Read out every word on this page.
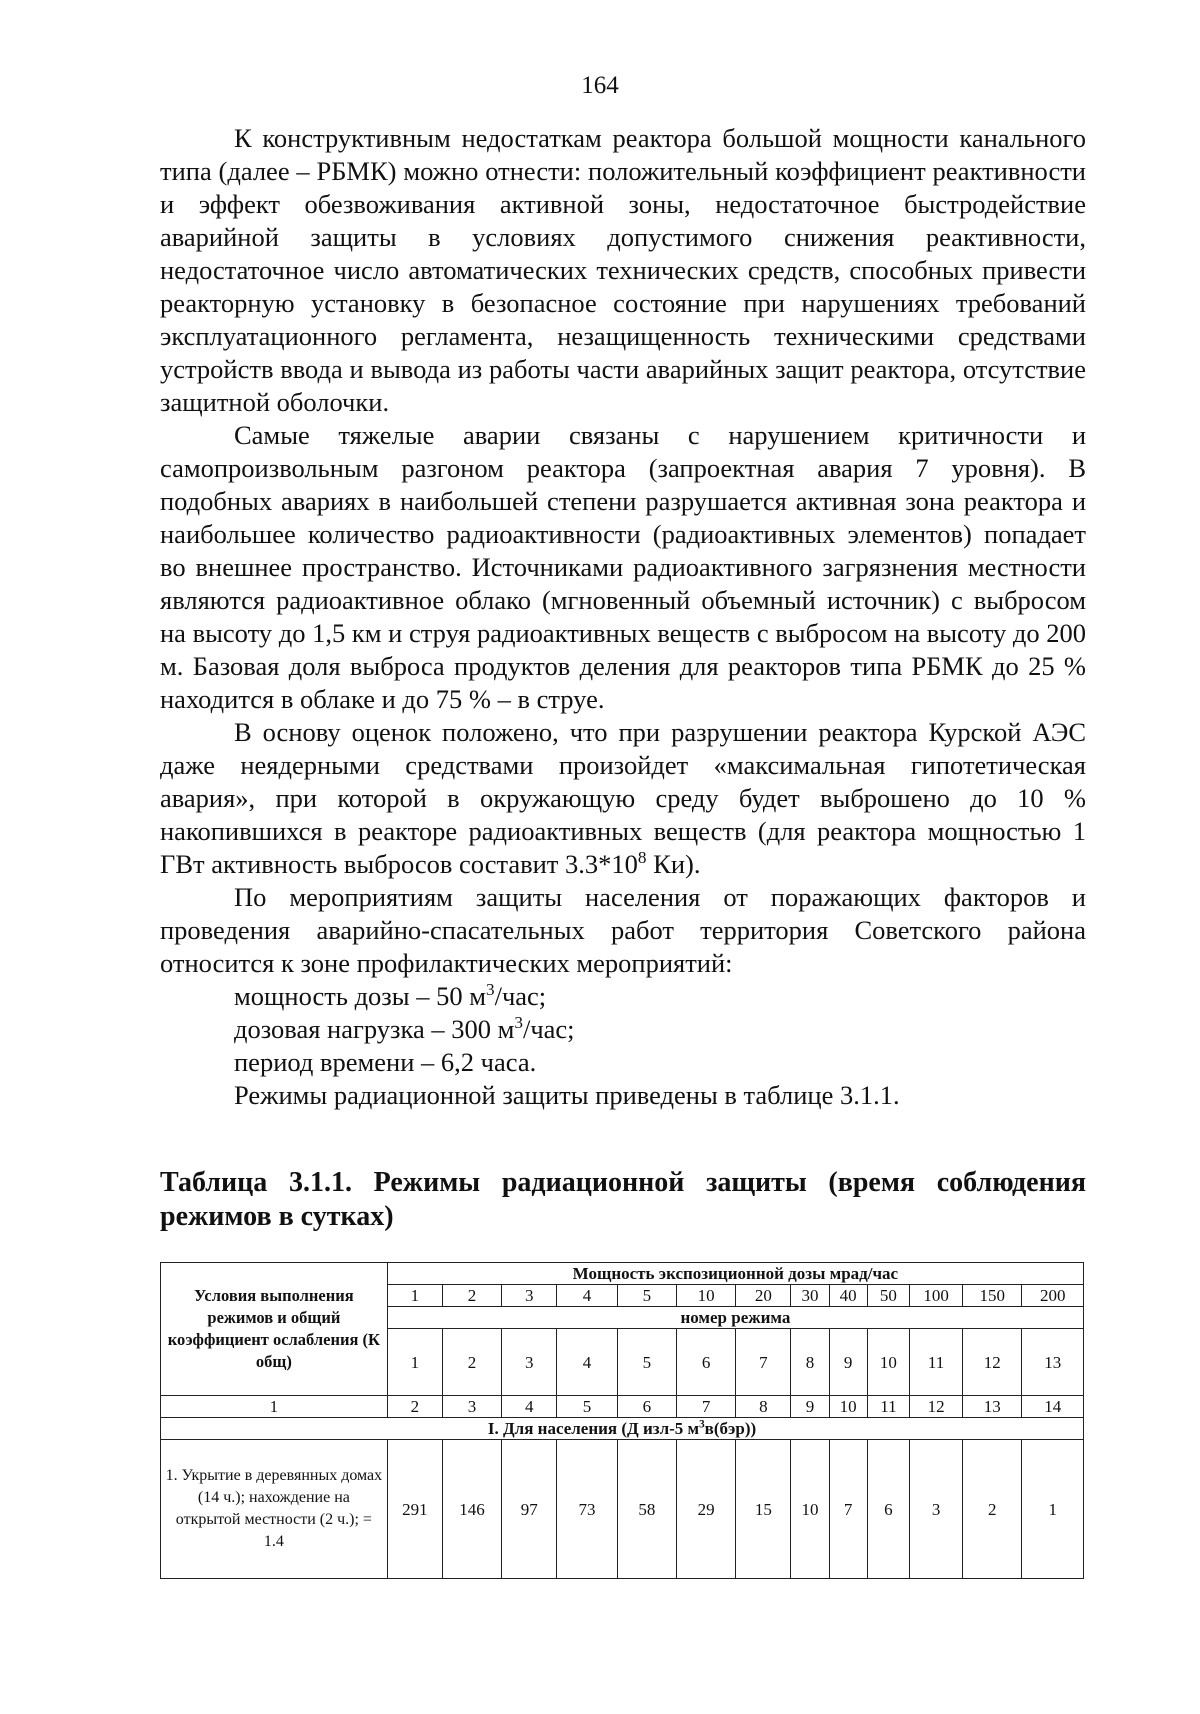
164

К конструктивным недостаткам реактора большой мощности канального типа (далее – РБМК) можно отнести: положительный коэффициент реактивности и эффект обезвоживания активной зоны, недостаточное быстродействие аварийной защиты в условиях допустимого снижения реактивности, недостаточное число автоматических технических средств, способных привести реакторную установку в безопасное состояние при нарушениях требований эксплуатационного регламента, незащищенность техническими средствами устройств ввода и вывода из работы части аварийных защит реактора, отсутствие защитной оболочки.

Самые тяжелые аварии связаны с нарушением критичности и самопроизвольным разгоном реактора (запроектная авария 7 уровня). В подобных авариях в наибольшей степени разрушается активная зона реактора и наибольшее количество радиоактивности (радиоактивных элементов) попадает во внешнее пространство. Источниками радиоактивного загрязнения местности являются радиоактивное облако (мгновенный объемный источник) с выбросом на высоту до 1,5 км и струя радиоактивных веществ с выбросом на высоту до 200 м. Базовая доля выброса продуктов деления для реакторов типа РБМК до 25 % находится в облаке и до 75 % – в струе.

В основу оценок положено, что при разрушении реактора Курской АЭС даже неядерными средствами произойдет «максимальная гипотетическая авария», при которой в окружающую среду будет выброшено до 10 % накопившихся в реакторе радиоактивных веществ (для реактора мощностью 1 ГВт активность выбросов составит $3.3*10^8$ Ки).

По мероприятиям защиты населения от поражающих факторов и проведения аварийно-спасательных работ территория Советского района относится к зоне профилактических мероприятий:

мощность дозы – 50 $м^3$/час;

дозовая нагрузка – 300 $м^3$/час;

период времени – 6,2 часа.

Режимы радиационной защиты приведены в таблице 3.1.1.

Таблица 3.1.1. Режимы радиационной защиты (время соблюдения режимов в сутках)
Условия выполнения режимов и общий коэффициент ослабления (К общ)	Мощность экспозиционной дозы мрад/час												
	1	2	3	4	5	10	20	30	40	50	100	150	200
	номер режима												
	1	2	3	4	5	6	7	8	9	10	11	12	13
1	2	3	4	5	6	7	8	9	10	11	12	13	14
I. Для населения (Д изл-5 $м^3в(бэр)$)													
1. Укрытие в деревянных домах (14 ч.); нахождение на открытой местности (2 ч.); = 1.4	291	146	97	73	58	29	15	10	7	6	3	2	1
